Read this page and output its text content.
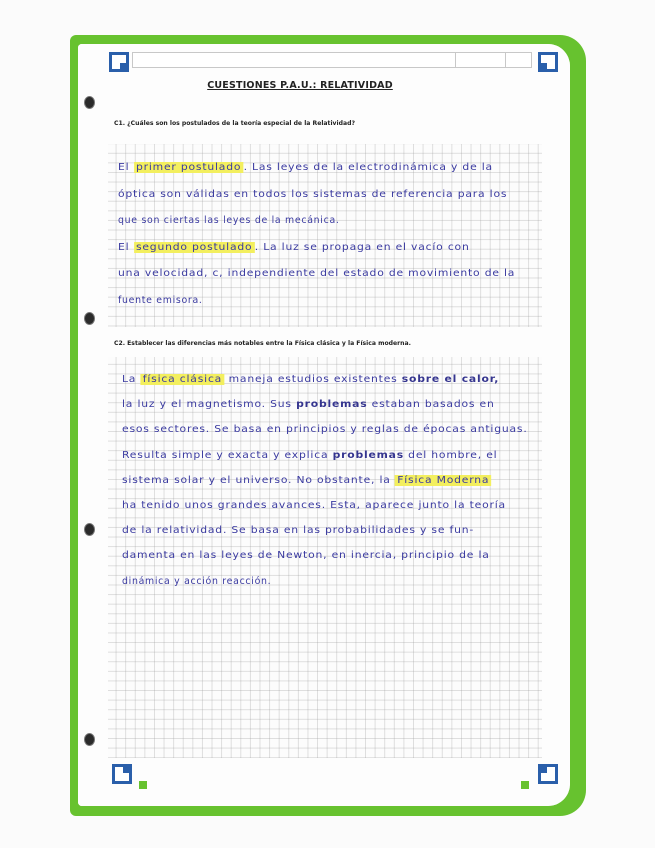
CUESTIONES P.A.U.: RELATIVIDAD
C1. ¿Cuáles son los postulados de la teoría especial de la Relatividad?
C2. Establecer las diferencias más notables entre la Física clásica y la Física moderna.
El primer postulado . Las leyes de la electrodinámica y de la
óptica son válidas en todos los sistemas de referencia para los
que son ciertas las leyes de la mecánica.
El segundo postulado . La luz se propaga en el vacío con
una velocidad, c, independiente del estado de movimiento de la
fuente emisora.
La física clásica maneja estudios existentes sobre el calor,
la luz y el magnetismo. Sus problemas estaban basados en
esos sectores. Se basa en principios y reglas de épocas antiguas.
Resulta simple y exacta y explica problemas del hombre, el
sistema solar y el universo. No obstante, la Física Moderna
ha tenido unos grandes avances. Esta, aparece junto la teoría
de la relatividad. Se basa en las probabilidades y se fun-
damenta en las leyes de Newton, en inercia, principio de la
dinámica y acción reacción.
